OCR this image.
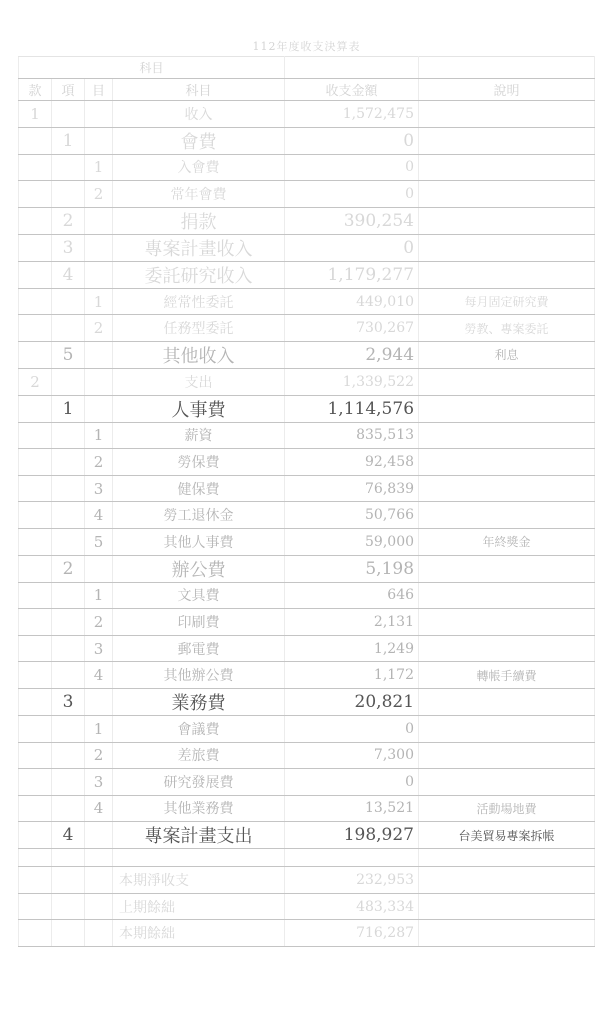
112年度收支決算表
科目					
款	項	目	科目	收支金額	說明
1			收入	1,572,475	
	1		會費	0	
		1	入會費	0	
		2	常年會費	0	
	2		捐款	390,254	
	3		專案計畫收入	0	
	4		委託研究收入	1,179,277	
		1	經常性委託	449,010	每月固定研究費
		2	任務型委託	730,267	勞教、專案委託
	5		其他收入	2,944	利息
2			支出	1,339,522	
	1		人事費	1,114,576	
		1	薪資	835,513	
		2	勞保費	92,458	
		3	健保費	76,839	
		4	勞工退休金	50,766	
		5	其他人事費	59,000	年終獎金
	2		辦公費	5,198	
		1	文具費	646	
		2	印刷費	2,131	
		3	郵電費	1,249	
		4	其他辦公費	1,172	轉帳手續費
	3		業務費	20,821	
		1	會議費	0	
		2	差旅費	7,300	
		3	研究發展費	0	
		4	其他業務費	13,521	活動場地費
	4		專案計畫支出	198,927	台美貿易專案拆帳

			本期淨收支	232,953	
			上期餘絀	483,334	
			本期餘絀	716,287	
